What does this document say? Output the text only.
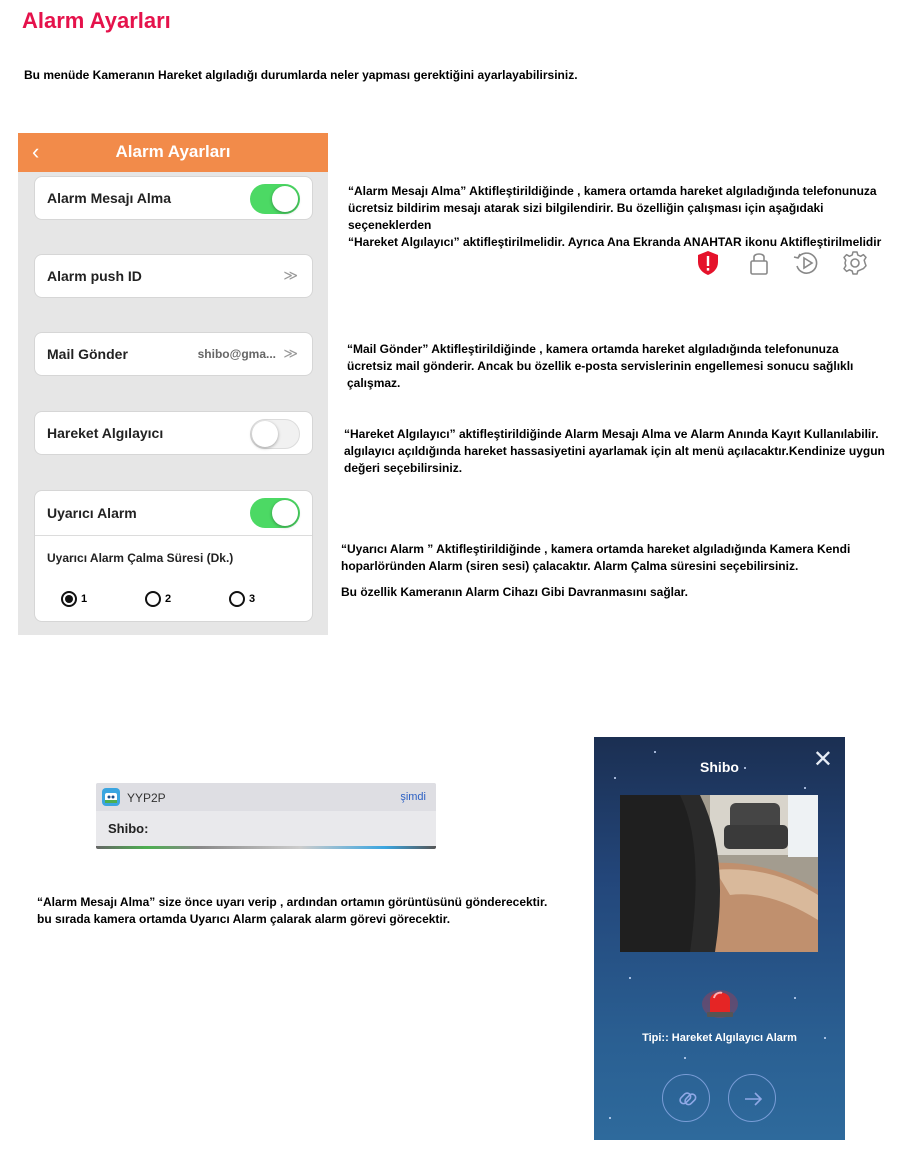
Alarm Ayarları
Bu menüde Kameranın Hareket algıladığı durumlarda neler yapması gerektiğini ayarlayabilirsiniz.
‹	Alarm Ayarları
Alarm Mesajı Alma
Alarm push ID	≫
Mail Gönder	shibo@gma... ≫
Hareket Algılayıcı
Uyarıcı Alarm
Uyarıcı Alarm Çalma Süresi (Dk.)
1	2	3
“Alarm Mesajı Alma” Aktifleştirildiğinde , kamera ortamda hareket algıladığında telefonunuza
ücretsiz bildirim mesajı atarak sizi bilgilendirir. Bu özelliğin çalışması için aşağıdaki seçeneklerden
“Hareket Algılayıcı” aktifleştirilmelidir. Ayrıca Ana Ekranda ANAHTAR ikonu Aktifleştirilmelidir
“Mail Gönder” Aktifleştirildiğinde , kamera ortamda hareket algıladığında telefonunuza
ücretsiz mail gönderir. Ancak bu özellik e-posta servislerinin engellemesi sonucu sağlıklı
çalışmaz.
“Hareket Algılayıcı” aktifleştirildiğinde Alarm Mesajı Alma ve Alarm Anında Kayıt Kullanılabilir.
algılayıcı açıldığında hareket hassasiyetini ayarlamak için alt menü açılacaktır.Kendinize uygun
değeri seçebilirsiniz.
“Uyarıcı Alarm ” Aktifleştirildiğinde , kamera ortamda hareket algıladığında Kamera Kendi
hoparlöründen Alarm (siren sesi) çalacaktır. Alarm Çalma süresini seçebilirsiniz.
Bu özellik Kameranın Alarm Cihazı Gibi Davranmasını sağlar.
YYP2P	şimdi
Shibo:
“Alarm Mesajı Alma” size önce uyarı verip , ardından ortamın görüntüsünü gönderecektir.
bu sırada kamera ortamda Uyarıcı Alarm çalarak alarm görevi görecektir.
✕
Shibo
Tipi:: Hareket Algılayıcı Alarm
